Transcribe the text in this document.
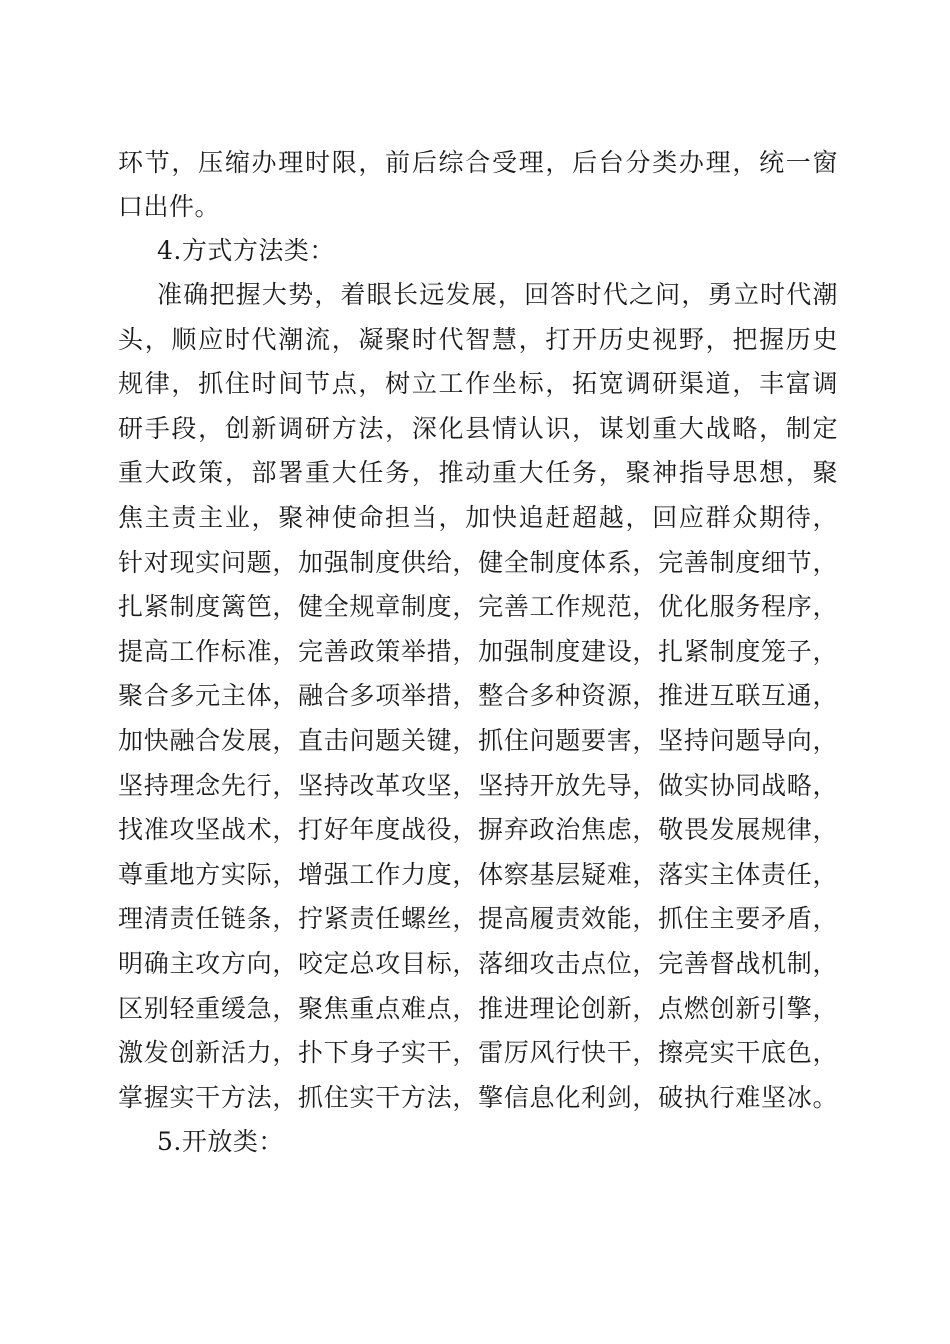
环节，压缩办理时限，前后综合受理，后台分类办理，统一窗
口出件。
4.方式方法类：
准确把握大势，着眼长远发展，回答时代之问，勇立时代潮
头，顺应时代潮流，凝聚时代智慧，打开历史视野，把握历史
规律，抓住时间节点，树立工作坐标，拓宽调研渠道，丰富调
研手段，创新调研方法，深化县情认识，谋划重大战略，制定
重大政策，部署重大任务，推动重大任务，聚神指导思想，聚
焦主责主业，聚神使命担当，加快追赶超越，回应群众期待，
针对现实问题，加强制度供给，健全制度体系，完善制度细节，
扎紧制度篱笆，健全规章制度，完善工作规范，优化服务程序，
提高工作标准，完善政策举措，加强制度建设，扎紧制度笼子，
聚合多元主体，融合多项举措，整合多种资源，推进互联互通，
加快融合发展，直击问题关键，抓住问题要害，坚持问题导向，
坚持理念先行，坚持改革攻坚，坚持开放先导，做实协同战略，
找准攻坚战术，打好年度战役，摒弃政治焦虑，敬畏发展规律，
尊重地方实际，增强工作力度，体察基层疑难，落实主体责任，
理清责任链条，拧紧责任螺丝，提高履责效能，抓住主要矛盾，
明确主攻方向，咬定总攻目标，落细攻击点位，完善督战机制，
区别轻重缓急，聚焦重点难点，推进理论创新，点燃创新引擎，
激发创新活力，扑下身子实干，雷厉风行快干，擦亮实干底色，
掌握实干方法，抓住实干方法，擎信息化利剑，破执行难坚冰。
5.开放类：
